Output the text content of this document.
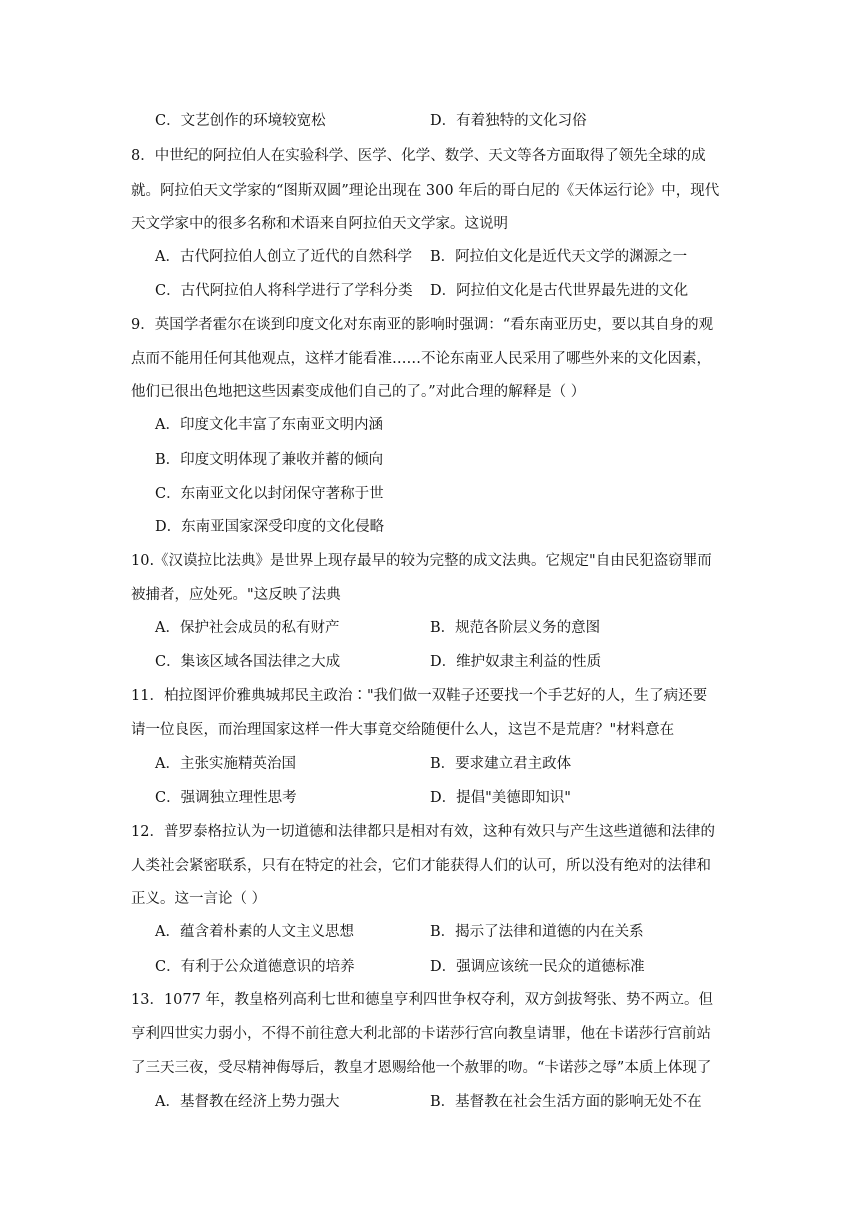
C．文艺创作的环境较宽松	D．有着独特的文化习俗
8．中世纪的阿拉伯人在实验科学、医学、化学、数学、天文等各方面取得了领先全球的成
就。阿拉伯天文学家的“图斯双圆”理论出现在 300 年后的哥白尼的《天体运行论》中，现代
天文学家中的很多名称和术语来自阿拉伯天文学家。这说明
A．古代阿拉伯人创立了近代的自然科学 B．阿拉伯文化是近代天文学的渊源之一
C．古代阿拉伯人将科学进行了学科分类 D．阿拉伯文化是古代世界最先进的文化
9．英国学者霍尔在谈到印度文化对东南亚的影响时强调：“看东南亚历史，要以其自身的观
点而不能用任何其他观点，这样才能看准……不论东南亚人民采用了哪些外来的文化因素，
他们已很出色地把这些因素变成他们自己的了。”对此合理的解释是（ ）
A．印度文化丰富了东南亚文明内涵
B．印度文明体现了兼收并蓄的倾向
C．东南亚文化以封闭保守著称于世
D．东南亚国家深受印度的文化侵略
10.《汉谟拉比法典》是世界上现存最早的较为完整的成文法典。它规定"自由民犯盗窃罪而
被捕者，应处死。"这反映了法典
A．保护社会成员的私有财产	B．规范各阶层义务的意图
C．集该区域各国法律之大成	D．维护奴隶主利益的性质
11．柏拉图评价雅典城邦民主政治∶"我们做一双鞋子还要找一个手艺好的人，生了病还要
请一位良医，而治理国家这样一件大事竟交给随便什么人，这岂不是荒唐？"材料意在
A．主张实施精英治国	B．要求建立君主政体
C．强调独立理性思考	D．提倡"美德即知识"
12．普罗泰格拉认为一切道德和法律都只是相对有效，这种有效只与产生这些道德和法律的
人类社会紧密联系，只有在特定的社会，它们才能获得人们的认可，所以没有绝对的法律和
正义。这一言论（ ）
A．蕴含着朴素的人文主义思想	B．揭示了法律和道德的内在关系
C．有利于公众道德意识的培养	D．强调应该统一民众的道德标准
13．1077 年，教皇格列高利七世和德皇亨利四世争权夺利，双方剑拔弩张、势不两立。但
亨利四世实力弱小，不得不前往意大利北部的卡诺莎行宫向教皇请罪，他在卡诺莎行宫前站
了三天三夜，受尽精神侮辱后，教皇才恩赐给他一个赦罪的吻。“卡诺莎之辱”本质上体现了
A．基督教在经济上势力强大	B．基督教在社会生活方面的影响无处不在
